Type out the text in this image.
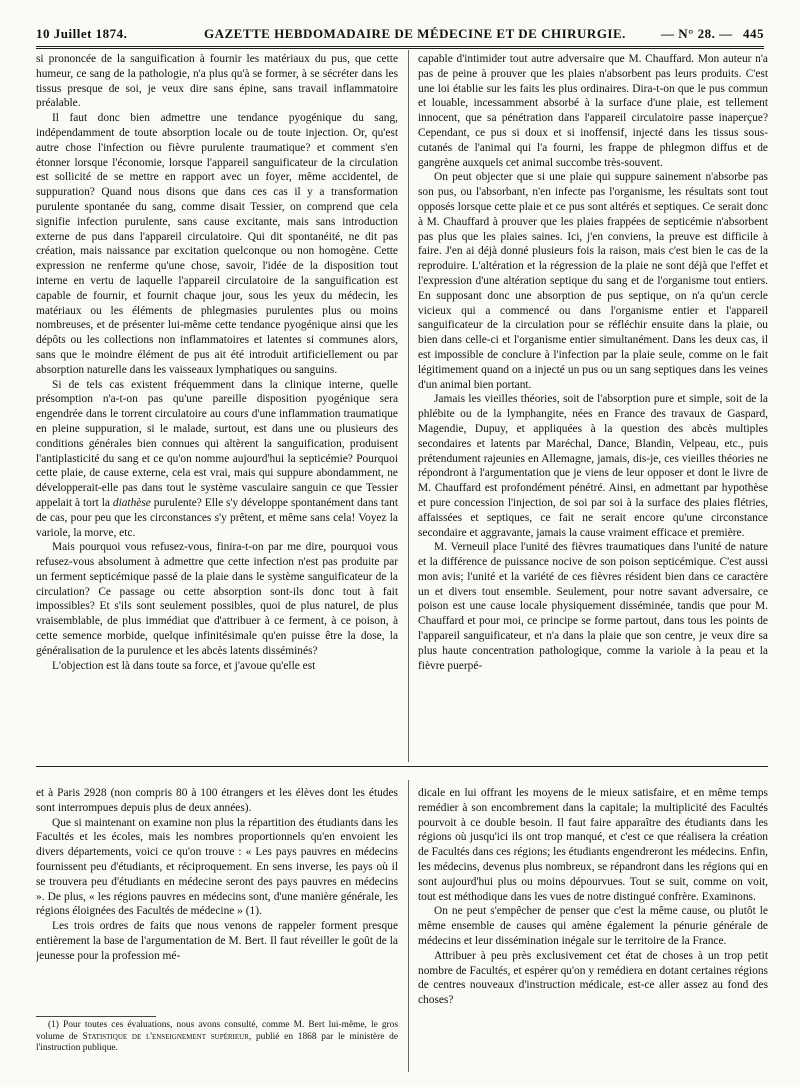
10 Juillet 1874.	GAZETTE HEBDOMADAIRE DE MÉDECINE ET DE CHIRURGIE.	— N° 28. — 445

si prononcée de la sanguification à fournir les matériaux du pus, que cette humeur, ce sang de la pathologie, n'a plus qu'à se former, à se sécréter dans les tissus presque de soi, je veux dire sans épine, sans travail inflammatoire préalable.

Il faut donc bien admettre une tendance pyogénique du sang, indépendamment de toute absorption locale ou de toute injection. Or, qu'est autre chose l'infection ou fièvre purulente traumatique? et comment s'en étonner lorsque l'économie, lorsque l'appareil sanguificateur de la circulation est sollicité de se mettre en rapport avec un foyer, même accidentel, de suppuration? Quand nous disons que dans ces cas il y a transformation purulente spontanée du sang, comme disait Tessier, on comprend que cela signifie infection purulente, sans cause excitante, mais sans introduction externe de pus dans l'appareil circulatoire. Qui dit spontanéité, ne dit pas création, mais naissance par excitation quelconque ou non homogène. Cette expression ne renferme qu'une chose, savoir, l'idée de la disposition tout interne en vertu de laquelle l'appareil circulatoire de la sanguification est capable de fournir, et fournit chaque jour, sous les yeux du médecin, les matériaux ou les éléments de phlegmasies purulentes plus ou moins nombreuses, et de présenter lui-même cette tendance pyogénique ainsi que les dépôts ou les collections non inflammatoires et latentes si communes alors, sans que le moindre élément de pus ait été introduit artificiellement ou par absorption naturelle dans les vaisseaux lymphatiques ou sanguins.

Si de tels cas existent fréquemment dans la clinique interne, quelle présomption n'a-t-on pas qu'une pareille disposition pyogénique sera engendrée dans le torrent circulatoire au cours d'une inflammation traumatique en pleine suppuration, si le malade, surtout, est dans une ou plusieurs des conditions générales bien connues qui altèrent la sanguification, produisent l'antiplasticité du sang et ce qu'on nomme aujourd'hui la septicémie? Pourquoi cette plaie, de cause externe, cela est vrai, mais qui suppure abondamment, ne développerait-elle pas dans tout le système vasculaire sanguin ce que Tessier appelait à tort la diathèse purulente? Elle s'y développe spontanément dans tant de cas, pour peu que les circonstances s'y prêtent, et même sans cela! Voyez la variole, la morve, etc.

Mais pourquoi vous refusez-vous, finira-t-on par me dire, pourquoi vous refusez-vous absolument à admettre que cette infection n'est pas produite par un ferment septicémique passé de la plaie dans le système sanguificateur de la circulation? Ce passage ou cette absorption sont-ils donc tout à fait impossibles? Et s'ils sont seulement possibles, quoi de plus naturel, de plus vraisemblable, de plus immédiat que d'attribuer à ce ferment, à ce poison, à cette semence morbide, quelque infinitésimale qu'en puisse être la dose, la généralisation de la purulence et les abcès latents disséminés?

L'objection est là dans toute sa force, et j'avoue qu'elle est

capable d'intimider tout autre adversaire que M. Chauffard. Mon auteur n'a pas de peine à prouver que les plaies n'absorbent pas leurs produits. C'est une loi établie sur les faits les plus ordinaires. Dira-t-on que le pus commun et louable, incessamment absorbé à la surface d'une plaie, est tellement innocent, que sa pénétration dans l'appareil circulatoire passe inaperçue? Cependant, ce pus si doux et si inoffensif, injecté dans les tissus sous-cutanés de l'animal qui l'a fourni, les frappe de phlegmon diffus et de gangrène auxquels cet animal succombe très-souvent.

On peut objecter que si une plaie qui suppure sainement n'absorbe pas son pus, ou l'absorbant, n'en infecte pas l'organisme, les résultats sont tout opposés lorsque cette plaie et ce pus sont altérés et septiques. Ce serait donc à M. Chauffard à prouver que les plaies frappées de septicémie n'absorbent pas plus que les plaies saines. Ici, j'en conviens, la preuve est difficile à faire. J'en ai déjà donné plusieurs fois la raison, mais c'est bien le cas de la reproduire. L'altération et la régression de la plaie ne sont déjà que l'effet et l'expression d'une altération septique du sang et de l'organisme tout entiers. En supposant donc une absorption de pus septique, on n'a qu'un cercle vicieux qui a commencé ou dans l'organisme entier et l'appareil sanguificateur de la circulation pour se réfléchir ensuite dans la plaie, ou bien dans celle-ci et l'organisme entier simultanément. Dans les deux cas, il est impossible de conclure à l'infection par la plaie seule, comme on le fait légitimement quand on a injecté un pus ou un sang septiques dans les veines d'un animal bien portant.

Jamais les vieilles théories, soit de l'absorption pure et simple, soit de la phlébite ou de la lymphangite, nées en France des travaux de Gaspard, Magendie, Dupuy, et appliquées à la question des abcès multiples secondaires et latents par Maréchal, Dance, Blandin, Velpeau, etc., puis prétendument rajeunies en Allemagne, jamais, dis-je, ces vieilles théories ne répondront à l'argumentation que je viens de leur opposer et dont le livre de M. Chauffard est profondément pénétré. Ainsi, en admettant par hypothèse et pure concession l'injection, de soi par soi à la surface des plaies flétries, affaissées et septiques, ce fait ne serait encore qu'une circonstance secondaire et aggravante, jamais la cause vraiment efficace et première.

M. Verneuil place l'unité des fièvres traumatiques dans l'unité de nature et la différence de puissance nocive de son poison septicémique. C'est aussi mon avis; l'unité et la variété de ces fièvres résident bien dans ce caractère un et divers tout ensemble. Seulement, pour notre savant adversaire, ce poison est une cause locale physiquement disséminée, tandis que pour M. Chauffard et pour moi, ce principe se forme partout, dans tous les points de l'appareil sanguificateur, et n'a dans la plaie que son centre, je veux dire sa plus haute concentration pathologique, comme la variole à la peau et la fièvre puerpé-

et à Paris 2928 (non compris 80 à 100 étrangers et les élèves dont les études sont interrompues depuis plus de deux années).

Que si maintenant on examine non plus la répartition des étudiants dans les Facultés et les écoles, mais les nombres proportionnels qu'en envoient les divers départements, voici ce qu'on trouve : « Les pays pauvres en médecins fournissent peu d'étudiants, et réciproquement. En sens inverse, les pays où il se trouvera peu d'étudiants en médecine seront des pays pauvres en médecins ». De plus, « les régions pauvres en médecins sont, d'une manière générale, les régions éloignées des Facultés de médecine » (1).

Les trois ordres de faits que nous venons de rappeler forment presque entièrement la base de l'argumentation de M. Bert. Il faut réveiller le goût de la jeunesse pour la profession mé-

(1) Pour toutes ces évaluations, nous avons consulté, comme M. Bert lui-même, le gros volume de Statistique de l'enseignement supérieur, publié en 1868 par le ministère de l'instruction publique.

dicale en lui offrant les moyens de le mieux satisfaire, et en même temps remédier à son encombrement dans la capitale; la multiplicité des Facultés pourvoit à ce double besoin. Il faut faire apparaître des étudiants dans les régions où jusqu'ici ils ont trop manqué, et c'est ce que réalisera la création de Facultés dans ces régions; les étudiants engendreront les médecins. Enfin, les médecins, devenus plus nombreux, se répandront dans les régions qui en sont aujourd'hui plus ou moins dépourvues. Tout se suit, comme on voit, tout est méthodique dans les vues de notre distingué confrère. Examinons.

On ne peut s'empêcher de penser que c'est la même cause, ou plutôt le même ensemble de causes qui amène également la pénurie générale de médecins et leur dissémination inégale sur le territoire de la France.

Attribuer à peu près exclusivement cet état de choses à un trop petit nombre de Facultés, et espérer qu'on y remédiera en dotant certaines régions de centres nouveaux d'instruction médicale, est-ce aller assez au fond des choses?
